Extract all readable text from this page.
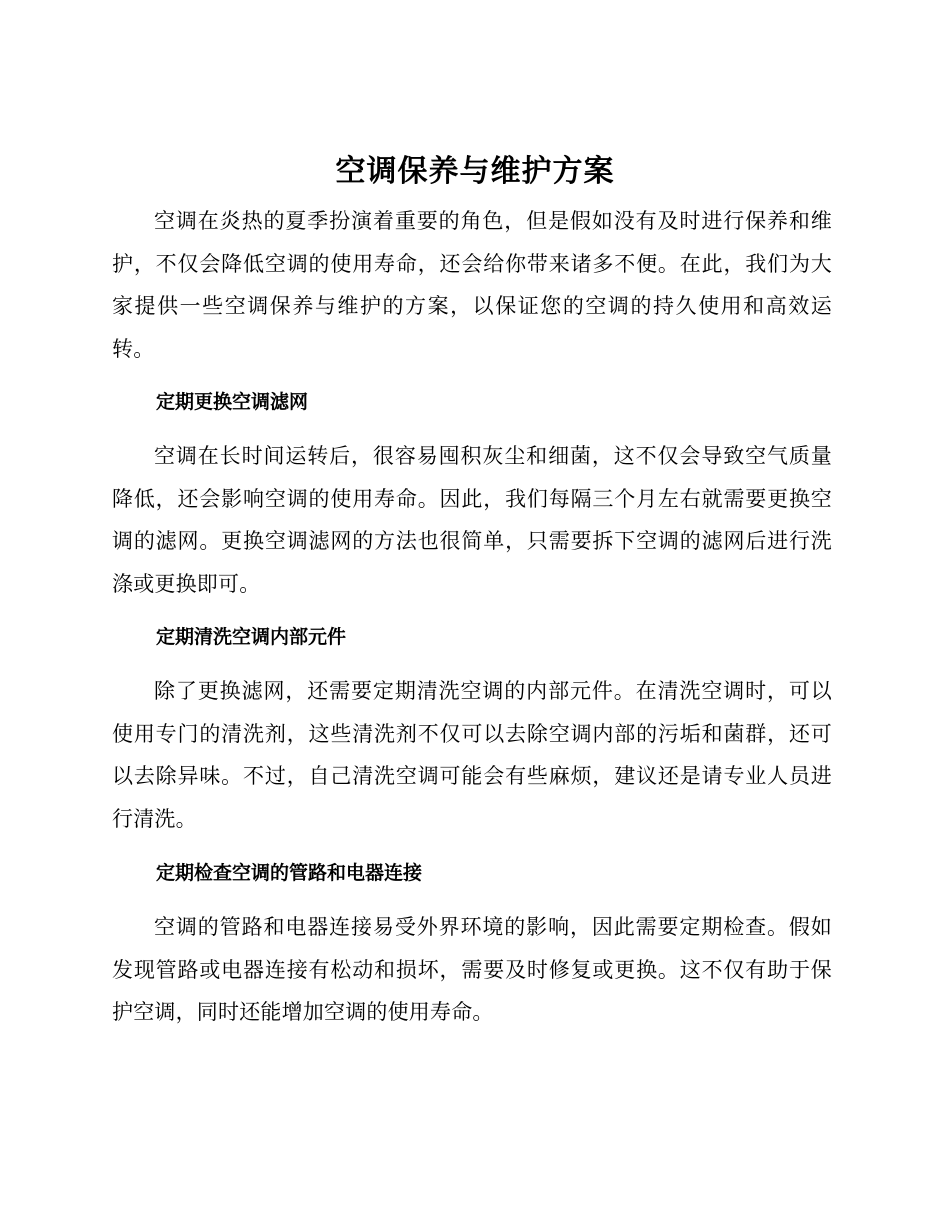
空调保养与维护方案

空调在炎热的夏季扮演着重要的角色，但是假如没有及时进行保养和维护，不仅会降低空调的使用寿命，还会给你带来诸多不便。在此，我们为大家提供一些空调保养与维护的方案，以保证您的空调的持久使用和高效运转。

定期更换空调滤网

空调在长时间运转后，很容易囤积灰尘和细菌，这不仅会导致空气质量降低，还会影响空调的使用寿命。因此，我们每隔三个月左右就需要更换空调的滤网。更换空调滤网的方法也很简单，只需要拆下空调的滤网后进行洗涤或更换即可。

定期清洗空调内部元件

除了更换滤网，还需要定期清洗空调的内部元件。在清洗空调时，可以使用专门的清洗剂，这些清洗剂不仅可以去除空调内部的污垢和菌群，还可以去除异味。不过，自己清洗空调可能会有些麻烦，建议还是请专业人员进行清洗。

定期检查空调的管路和电器连接

空调的管路和电器连接易受外界环境的影响，因此需要定期检查。假如发现管路或电器连接有松动和损坏，需要及时修复或更换。这不仅有助于保护空调，同时还能增加空调的使用寿命。
